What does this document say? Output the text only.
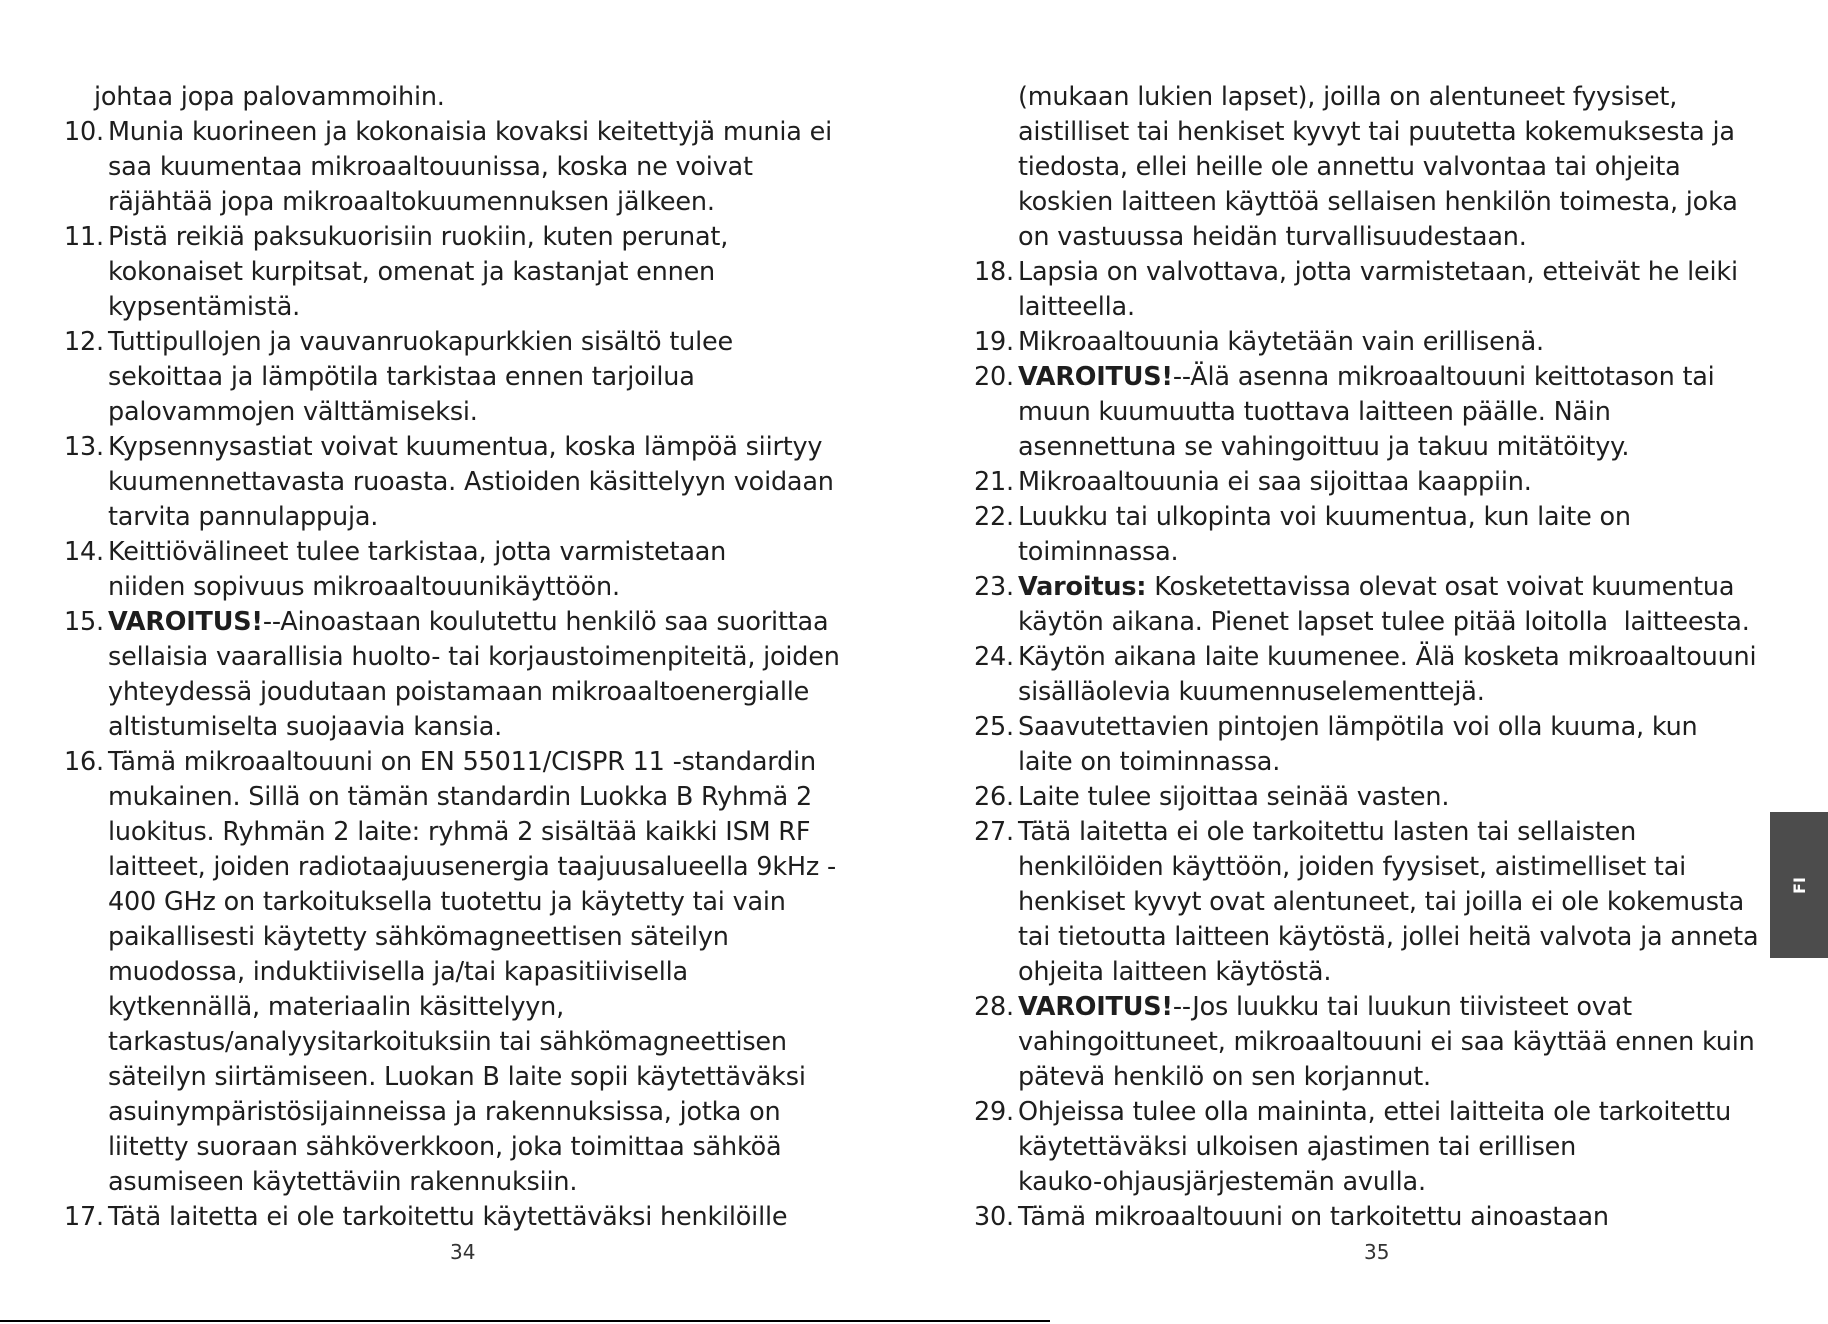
johtaa jopa palovammoihin.
10. Munia kuorineen ja kokonaisia kovaksi keitettyjä munia ei
saa kuumentaa mikroaaltouunissa, koska ne voivat
räjähtää jopa mikroaaltokuumennuksen jälkeen.
11. Pistä reikiä paksukuorisiin ruokiin, kuten perunat,
kokonaiset kurpitsat, omenat ja kastanjat ennen
kypsentämistä.
12. Tuttipullojen ja vauvanruokapurkkien sisältö tulee
sekoittaa ja lämpötila tarkistaa ennen tarjoilua
palovammojen välttämiseksi.
13. Kypsennysastiat voivat kuumentua, koska lämpöä siirtyy
kuumennettavasta ruoasta. Astioiden käsittelyyn voidaan
tarvita pannulappuja.
14. Keittiövälineet tulee tarkistaa, jotta varmistetaan
niiden sopivuus mikroaaltouunikäyttöön.
15. VAROITUS!--Ainoastaan koulutettu henkilö saa suorittaa
sellaisia vaarallisia huolto- tai korjaustoimenpiteitä, joiden
yhteydessä joudutaan poistamaan mikroaaltoenergialle
altistumiselta suojaavia kansia.
16. Tämä mikroaaltouuni on EN 55011/CISPR 11 -standardin
mukainen. Sillä on tämän standardin Luokka B Ryhmä 2
luokitus. Ryhmän 2 laite: ryhmä 2 sisältää kaikki ISM RF
laitteet, joiden radiotaajuusenergia taajuusalueella 9kHz -
400 GHz on tarkoituksella tuotettu ja käytetty tai vain
paikallisesti käytetty sähkömagneettisen säteilyn
muodossa, induktiivisella ja/tai kapasitiivisella
kytkennällä, materiaalin käsittelyyn,
tarkastus/analyysitarkoituksiin tai sähkömagneettisen
säteilyn siirtämiseen. Luokan B laite sopii käytettäväksi
asuinympäristösijainneissa ja rakennuksissa, jotka on
liitetty suoraan sähköverkkoon, joka toimittaa sähköä
asumiseen käytettäviin rakennuksiin.
17. Tätä laitetta ei ole tarkoitettu käytettäväksi henkilöille
34
(mukaan lukien lapset), joilla on alentuneet fyysiset,
aistilliset tai henkiset kyvyt tai puutetta kokemuksesta ja
tiedosta, ellei heille ole annettu valvontaa tai ohjeita
koskien laitteen käyttöä sellaisen henkilön toimesta, joka
on vastuussa heidän turvallisuudestaan.
18. Lapsia on valvottava, jotta varmistetaan, etteivät he leiki
laitteella.
19. Mikroaaltouunia käytetään vain erillisenä.
20. VAROITUS!--Älä asenna mikroaaltouuni keittotason tai
muun kuumuutta tuottava laitteen päälle. Näin
asennettuna se vahingoittuu ja takuu mitätöityy.
21. Mikroaaltouunia ei saa sijoittaa kaappiin.
22. Luukku tai ulkopinta voi kuumentua, kun laite on
toiminnassa.
23. Varoitus: Kosketettavissa olevat osat voivat kuumentua
käytön aikana. Pienet lapset tulee pitää loitolla  laitteesta.
24. Käytön aikana laite kuumenee. Älä kosketa mikroaaltouuni
sisälläolevia kuumennuselementtejä.
25. Saavutettavien pintojen lämpötila voi olla kuuma, kun
laite on toiminnassa.
26. Laite tulee sijoittaa seinää vasten.
27. Tätä laitetta ei ole tarkoitettu lasten tai sellaisten
henkilöiden käyttöön, joiden fyysiset, aistimelliset tai
henkiset kyvyt ovat alentuneet, tai joilla ei ole kokemusta
tai tietoutta laitteen käytöstä, jollei heitä valvota ja anneta
ohjeita laitteen käytöstä.
28. VAROITUS!--Jos luukku tai luukun tiivisteet ovat
vahingoittuneet, mikroaaltouuni ei saa käyttää ennen kuin
pätevä henkilö on sen korjannut.
29. Ohjeissa tulee olla maininta, ettei laitteita ole tarkoitettu
käytettäväksi ulkoisen ajastimen tai erillisen
kauko-ohjausjärjestemän avulla.
30. Tämä mikroaaltouuni on tarkoitettu ainoastaan
35
FI
